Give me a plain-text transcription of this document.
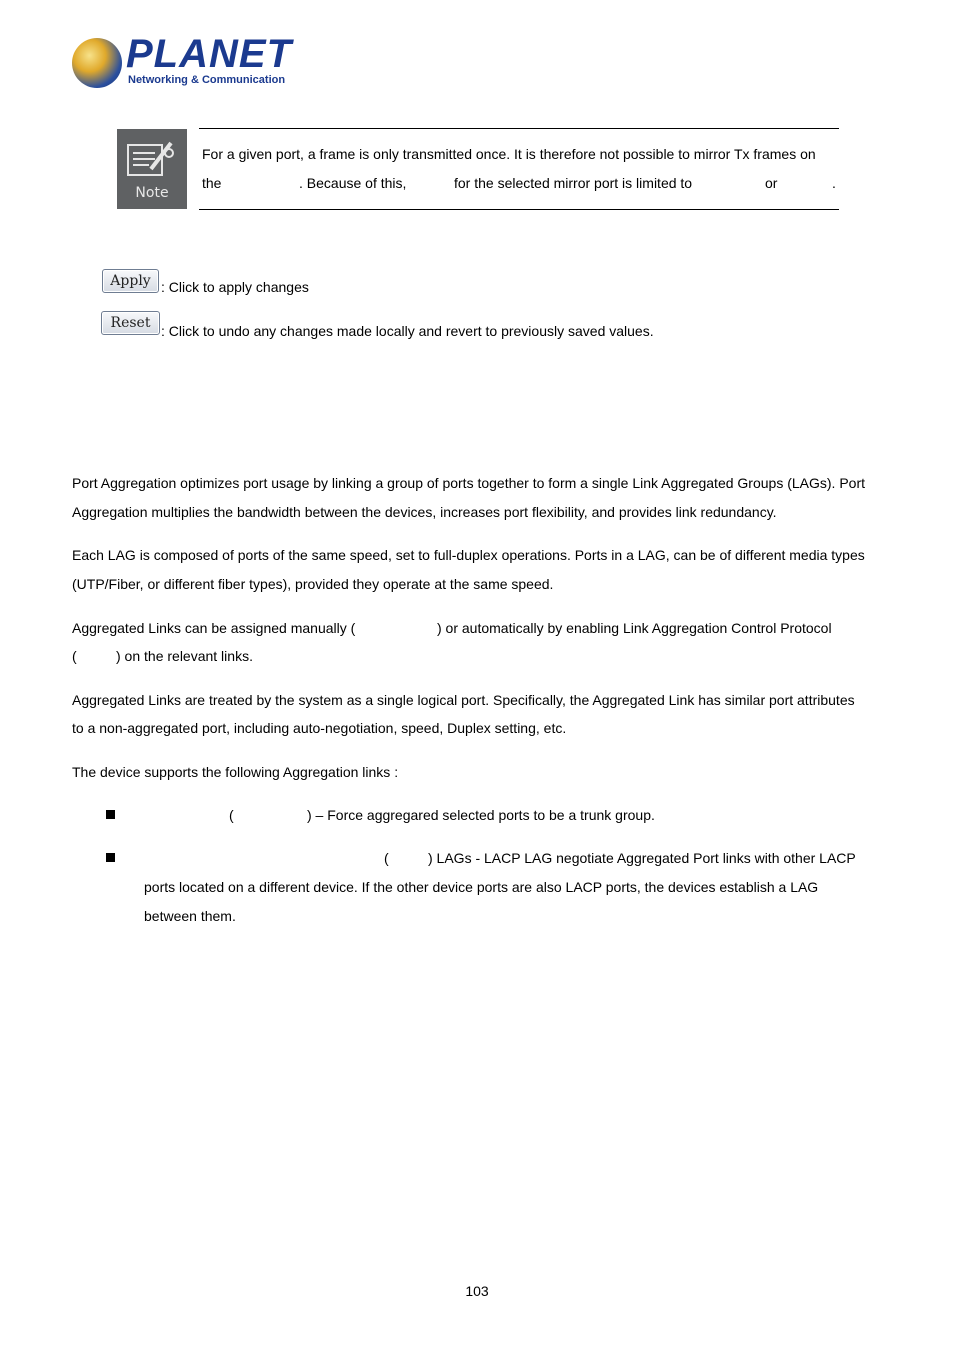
PLANET
Networking & Communication
Note
For a given port, a frame is only transmitted once. It is therefore not possible to mirror Tx frames on
the	. Because of this,	for the selected mirror port is limited to	or	.
Apply : Click to apply changes
Reset : Click to undo any changes made locally and revert to previously saved values.
Port Aggregation optimizes port usage by linking a group of ports together to form a single Link Aggregated Groups (LAGs). Port
Aggregation multiplies the bandwidth between the devices, increases port flexibility, and provides link redundancy.
Each LAG is composed of ports of the same speed, set to full-duplex operations. Ports in a LAG, can be of different media types
(UTP/Fiber, or different fiber types), provided they operate at the same speed.
Aggregated Links can be assigned manually (	) or automatically by enabling Link Aggregation Control Protocol
(	) on the relevant links.
Aggregated Links are treated by the system as a single logical port. Specifically, the Aggregated Link has similar port attributes
to a non-aggregated port, including auto-negotiation, speed, Duplex setting, etc.
The device supports the following Aggregation links :
(	) – Force aggregared selected ports to be a trunk group.
(	) LAGs - LACP LAG negotiate Aggregated Port links with other LACP
ports located on a different device. If the other device ports are also LACP ports, the devices establish a LAG
between them.
103
